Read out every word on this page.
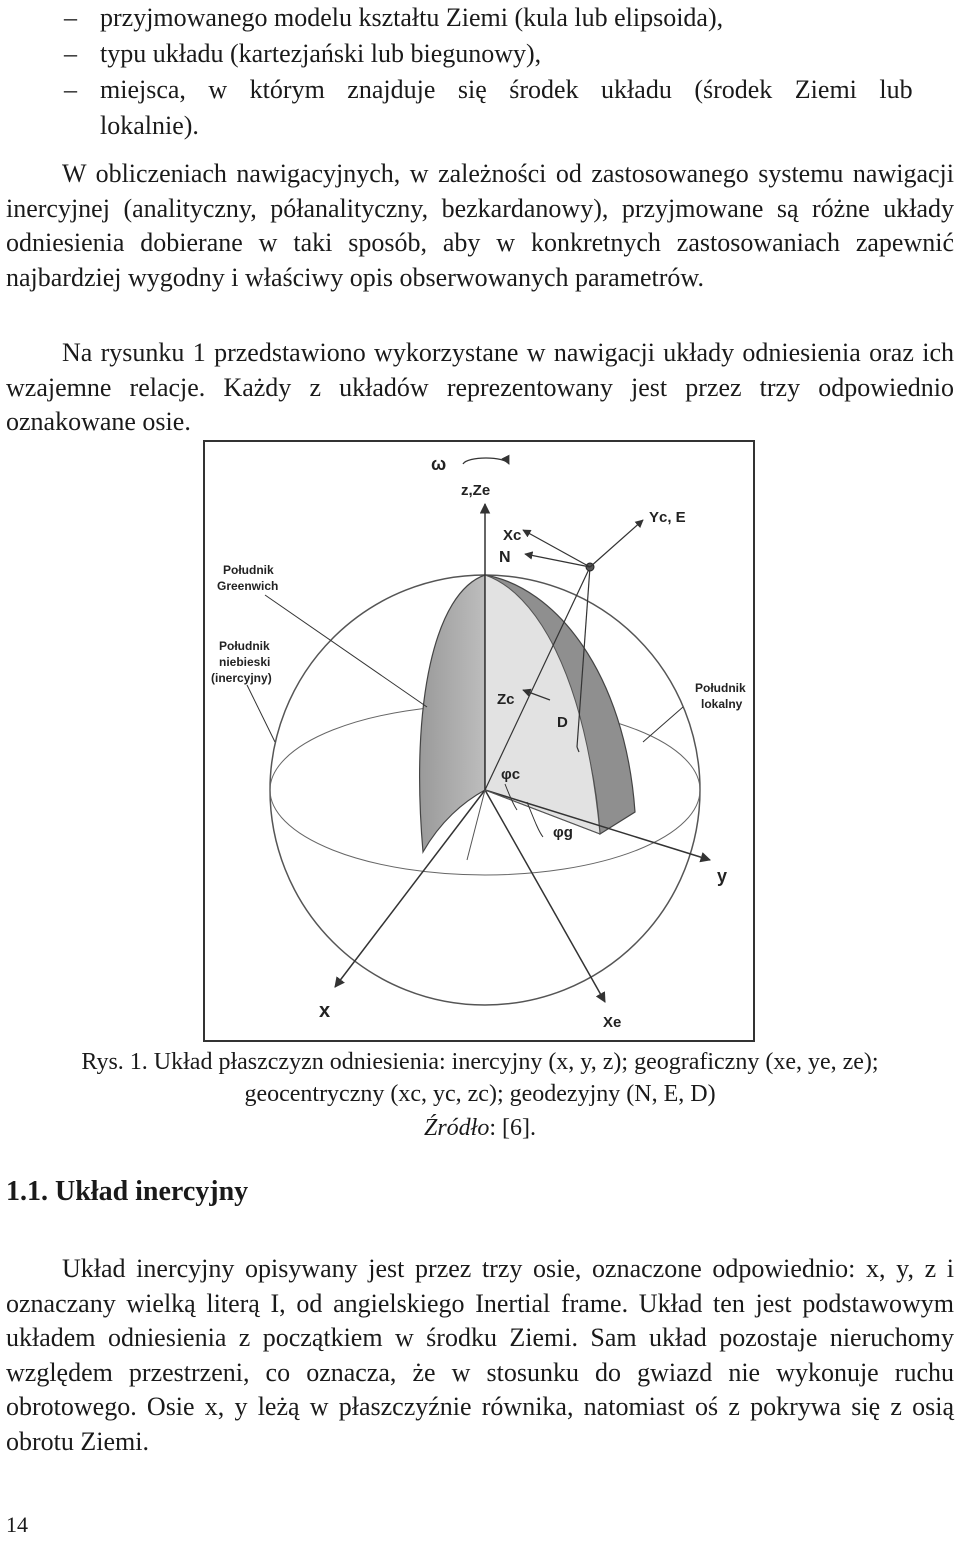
– przyjmowanego modelu kształtu Ziemi (kula lub elipsoida),
– typu układu (kartezjański lub biegunowy),
– miejsca, w którym znajduje się środek układu (środek Ziemi lub
lokalnie).

W obliczeniach nawigacyjnych, w zależności od zastosowanego systemu nawigacji inercyjnej (analityczny, półanalityczny, bezkardanowy), przyjmowane są różne układy odniesienia dobierane w taki sposób, aby w konkretnych zastosowaniach zapewnić najbardziej wygodny i właściwy opis obserwowanych parametrów.

Na rysunku 1 przedstawiono wykorzystane w nawigacji układy odniesienia oraz ich wzajemne relacje. Każdy z układów reprezentowany jest przez trzy odpowiednio oznakowane osie.

ω
z,Ze
Xc
N
Yc, E
Południk
Greenwich
Południk
niebieski
(inercyjny)
Południk
lokalny
Zc
D
φc
φg
y
x
Xe
Rys. 1. Układ płaszczyzn odniesienia: inercyjny (x, y, z); geograficzny (xe, ye, ze);
geocentryczny (xc, yc, zc); geodezyjny (N, E, D)
Źródło: [6].
1.1. Układ inercyjny

Układ inercyjny opisywany jest przez trzy osie, oznaczone odpowiednio: x, y, z i oznaczany wielką literą I, od angielskiego Inertial frame. Układ ten jest podstawowym układem odniesienia z początkiem w środku Ziemi. Sam układ pozostaje nieruchomy względem przestrzeni, co oznacza, że w stosunku do gwiazd nie wykonuje ruchu obrotowego. Osie x, y leżą w płaszczyźnie równika, natomiast oś z pokrywa się z osią obrotu Ziemi.

14
